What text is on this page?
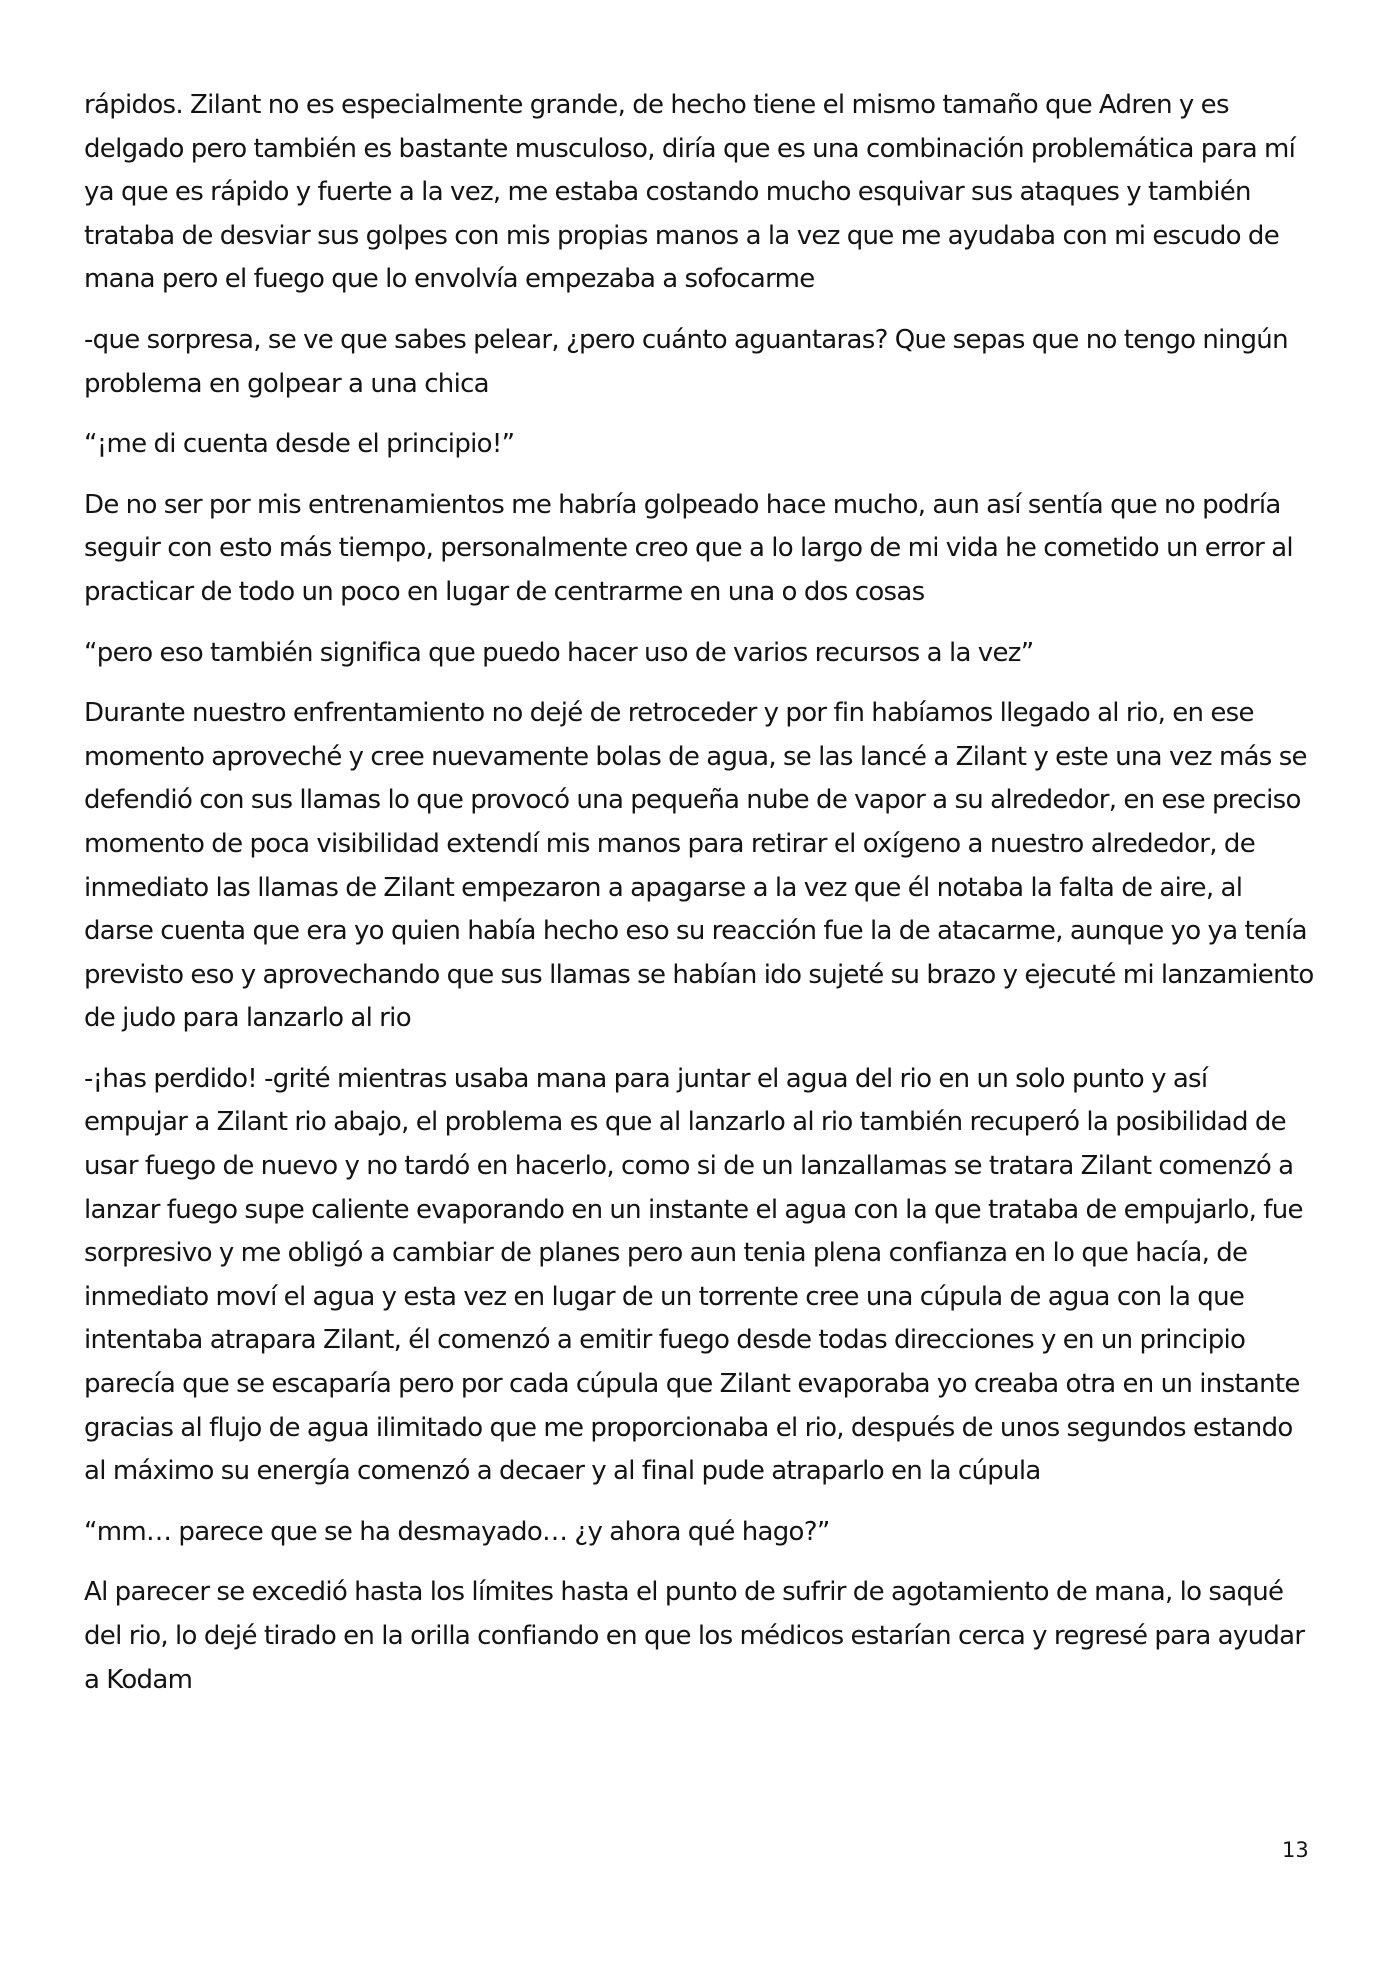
rápidos. Zilant no es especialmente grande, de hecho tiene el mismo tamaño que Adren y es delgado pero también es bastante musculoso, diría que es una combinación problemática para mí ya que es rápido y fuerte a la vez, me estaba costando mucho esquivar sus ataques y también trataba de desviar sus golpes con mis propias manos a la vez que me ayudaba con mi escudo de mana pero el fuego que lo envolvía empezaba a sofocarme

-que sorpresa, se ve que sabes pelear, ¿pero cuánto aguantaras? Que sepas que no tengo ningún problema en golpear a una chica

“¡me di cuenta desde el principio!”

De no ser por mis entrenamientos me habría golpeado hace mucho, aun así sentía que no podría seguir con esto más tiempo, personalmente creo que a lo largo de mi vida he cometido un error al practicar de todo un poco en lugar de centrarme en una o dos cosas

“pero eso también significa que puedo hacer uso de varios recursos a la vez”

Durante nuestro enfrentamiento no dejé de retroceder y por fin habíamos llegado al rio, en ese momento aproveché y cree nuevamente bolas de agua, se las lancé a Zilant y este una vez más se defendió con sus llamas lo que provocó una pequeña nube de vapor a su alrededor, en ese preciso momento de poca visibilidad extendí mis manos para retirar el oxígeno a nuestro alrededor, de inmediato las llamas de Zilant empezaron a apagarse a la vez que él notaba la falta de aire, al darse cuenta que era yo quien había hecho eso su reacción fue la de atacarme, aunque yo ya tenía previsto eso y aprovechando que sus llamas se habían ido sujeté su brazo y ejecuté mi lanzamiento de judo para lanzarlo al rio

-¡has perdido! -grité mientras usaba mana para juntar el agua del rio en un solo punto y así empujar a Zilant rio abajo, el problema es que al lanzarlo al rio también recuperó la posibilidad de usar fuego de nuevo y no tardó en hacerlo, como si de un lanzallamas se tratara Zilant comenzó a lanzar fuego supe caliente evaporando en un instante el agua con la que trataba de empujarlo, fue sorpresivo y me obligó a cambiar de planes pero aun tenia plena confianza en lo que hacía, de inmediato moví el agua y esta vez en lugar de un torrente cree una cúpula de agua con la que intentaba atrapara Zilant, él comenzó a emitir fuego desde todas direcciones y en un principio parecía que se escaparía pero por cada cúpula que Zilant evaporaba yo creaba otra en un instante gracias al flujo de agua ilimitado que me proporcionaba el rio, después de unos segundos estando al máximo su energía comenzó a decaer y al final pude atraparlo en la cúpula

“mm… parece que se ha desmayado… ¿y ahora qué hago?”

Al parecer se excedió hasta los límites hasta el punto de sufrir de agotamiento de mana, lo saqué del rio, lo dejé tirado en la orilla confiando en que los médicos estarían cerca y regresé para ayudar a Kodam

13
